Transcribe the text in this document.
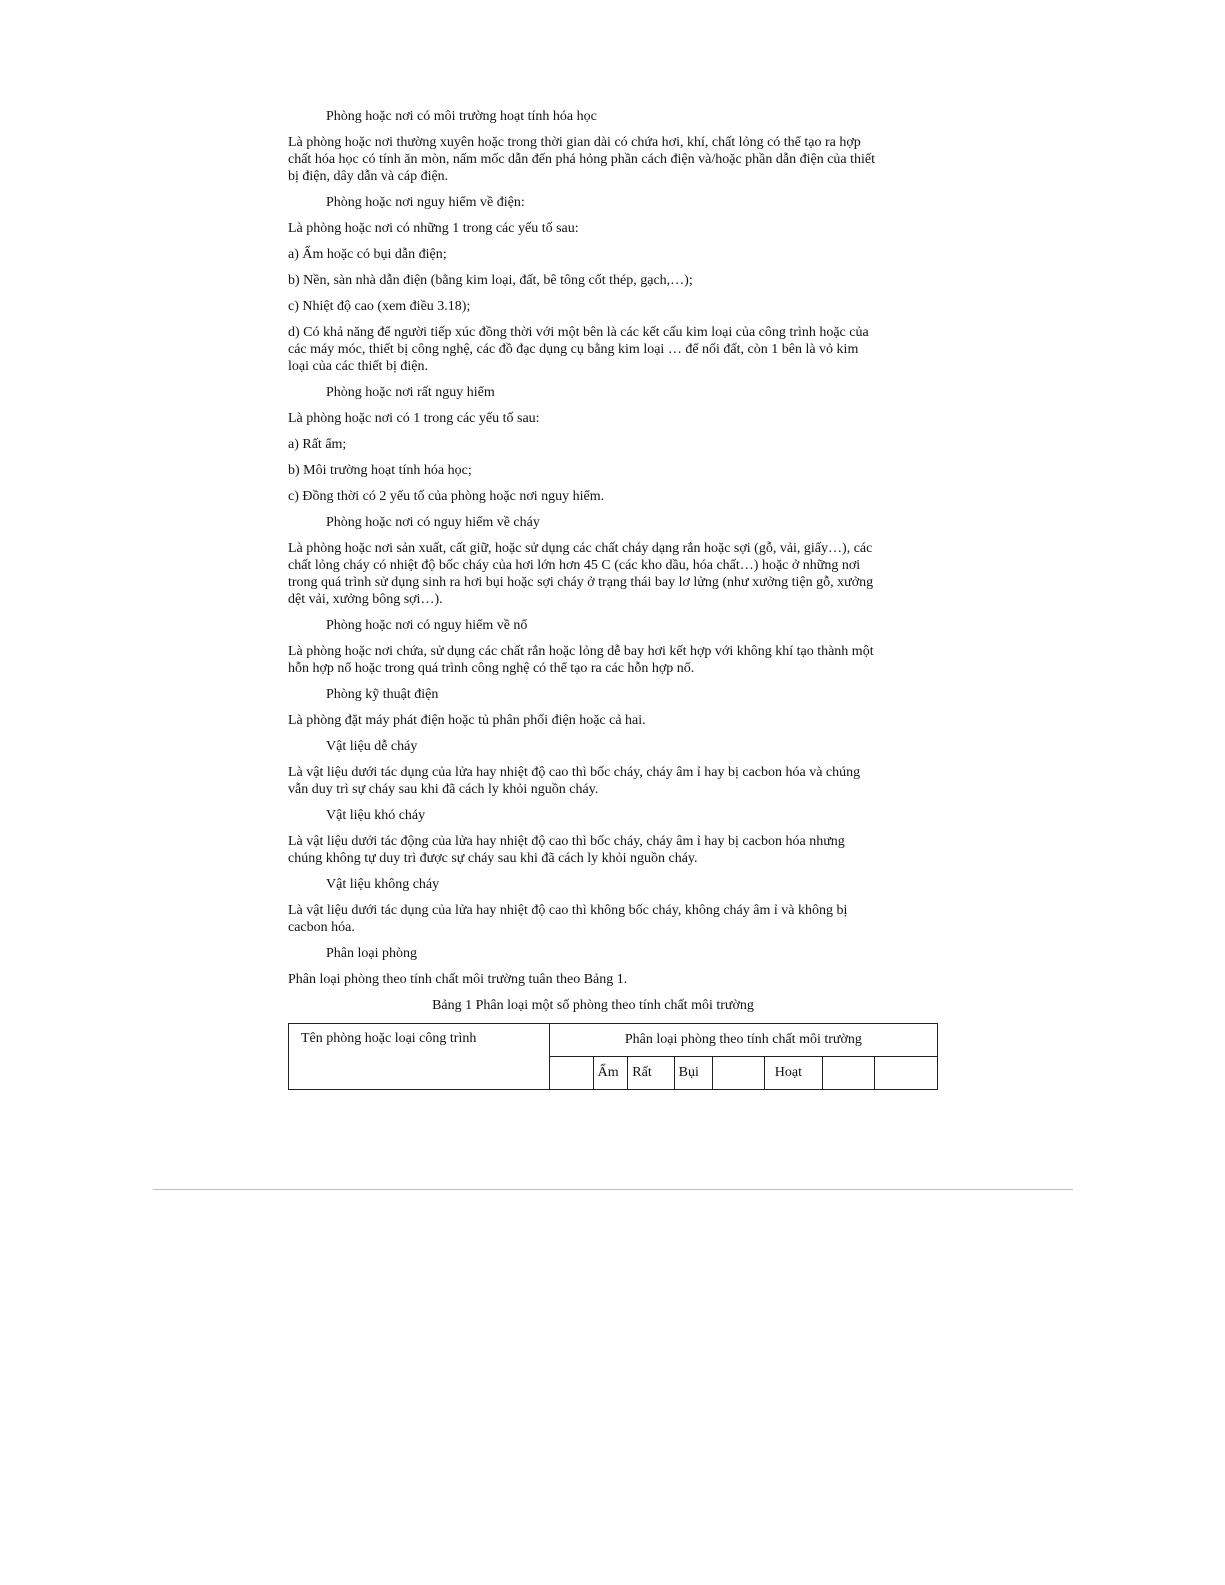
Phòng hoặc nơi có môi trường hoạt tính hóa học

Là phòng hoặc nơi thường xuyên hoặc trong thời gian dài có chứa hơi, khí, chất lỏng có thể tạo ra hợp chất hóa học có tính ăn mòn, nấm mốc dẫn đến phá hỏng phần cách điện và/hoặc phần dẫn điện của thiết bị điện, dây dẫn và cáp điện.

Phòng hoặc nơi nguy hiểm về điện:

Là phòng hoặc nơi có những 1 trong các yếu tố sau:

a) Ẩm hoặc có bụi dẫn điện;

b) Nền, sàn nhà dẫn điện (bằng kim loại, đất, bê tông cốt thép, gạch,…);

c) Nhiệt độ cao (xem điều 3.18);

d) Có khả năng để người tiếp xúc đồng thời với một bên là các kết cấu kim loại của công trình hoặc của các máy móc, thiết bị công nghệ, các đồ đạc dụng cụ bằng kim loại … để nối đất, còn 1 bên là vỏ kim loại của các thiết bị điện.

Phòng hoặc nơi rất nguy hiểm

Là phòng hoặc nơi có 1 trong các yếu tố sau:

a) Rất ẩm;

b) Môi trường hoạt tính hóa học;

c) Đồng thời có 2 yếu tố của phòng hoặc nơi nguy hiểm.

Phòng hoặc nơi có nguy hiểm về cháy

Là phòng hoặc nơi sản xuất, cất giữ, hoặc sử dụng các chất cháy dạng rắn hoặc sợi (gỗ, vải, giấy…), các chất lỏng cháy có nhiệt độ bốc cháy của hơi lớn hơn 45 C (các kho dầu, hóa chất…) hoặc ở những nơi trong quá trình sử dụng sinh ra hơi bụi hoặc sợi cháy ở trạng thái bay lơ lửng (như xưởng tiện gỗ, xưởng dệt vải, xưởng bông sợi…).

Phòng hoặc nơi có nguy hiểm về nổ

Là phòng hoặc nơi chứa, sử dụng các chất rắn hoặc lỏng dễ bay hơi kết hợp với không khí tạo thành một hỗn hợp nổ hoặc trong quá trình công nghệ có thể tạo ra các hỗn hợp nổ.

Phòng kỹ thuật điện

Là phòng đặt máy phát điện hoặc tủ phân phối điện hoặc cả hai.

Vật liệu dễ cháy

Là vật liệu dưới tác dụng của lửa hay nhiệt độ cao thì bốc cháy, cháy âm ỉ hay bị cacbon hóa và chúng vẫn duy trì sự cháy sau khi đã cách ly khỏi nguồn cháy.

Vật liệu khó cháy

Là vật liệu dưới tác động của lửa hay nhiệt độ cao thì bốc cháy, cháy âm ỉ hay bị cacbon hóa nhưng chúng không tự duy trì được sự cháy sau khi đã cách ly khỏi nguồn cháy.

Vật liệu không cháy

Là vật liệu dưới tác dụng của lửa hay nhiệt độ cao thì không bốc cháy, không cháy âm ỉ và không bị cacbon hóa.

Phân loại phòng

Phân loại phòng theo tính chất môi trường tuân theo Bảng 1.

Bảng 1 Phân loại một số phòng theo tính chất môi trường

Tên phòng hoặc loại công trình	Phân loại phòng theo tính chất môi trường							
		Ẩm	Rất	Bụi		Hoạt		
